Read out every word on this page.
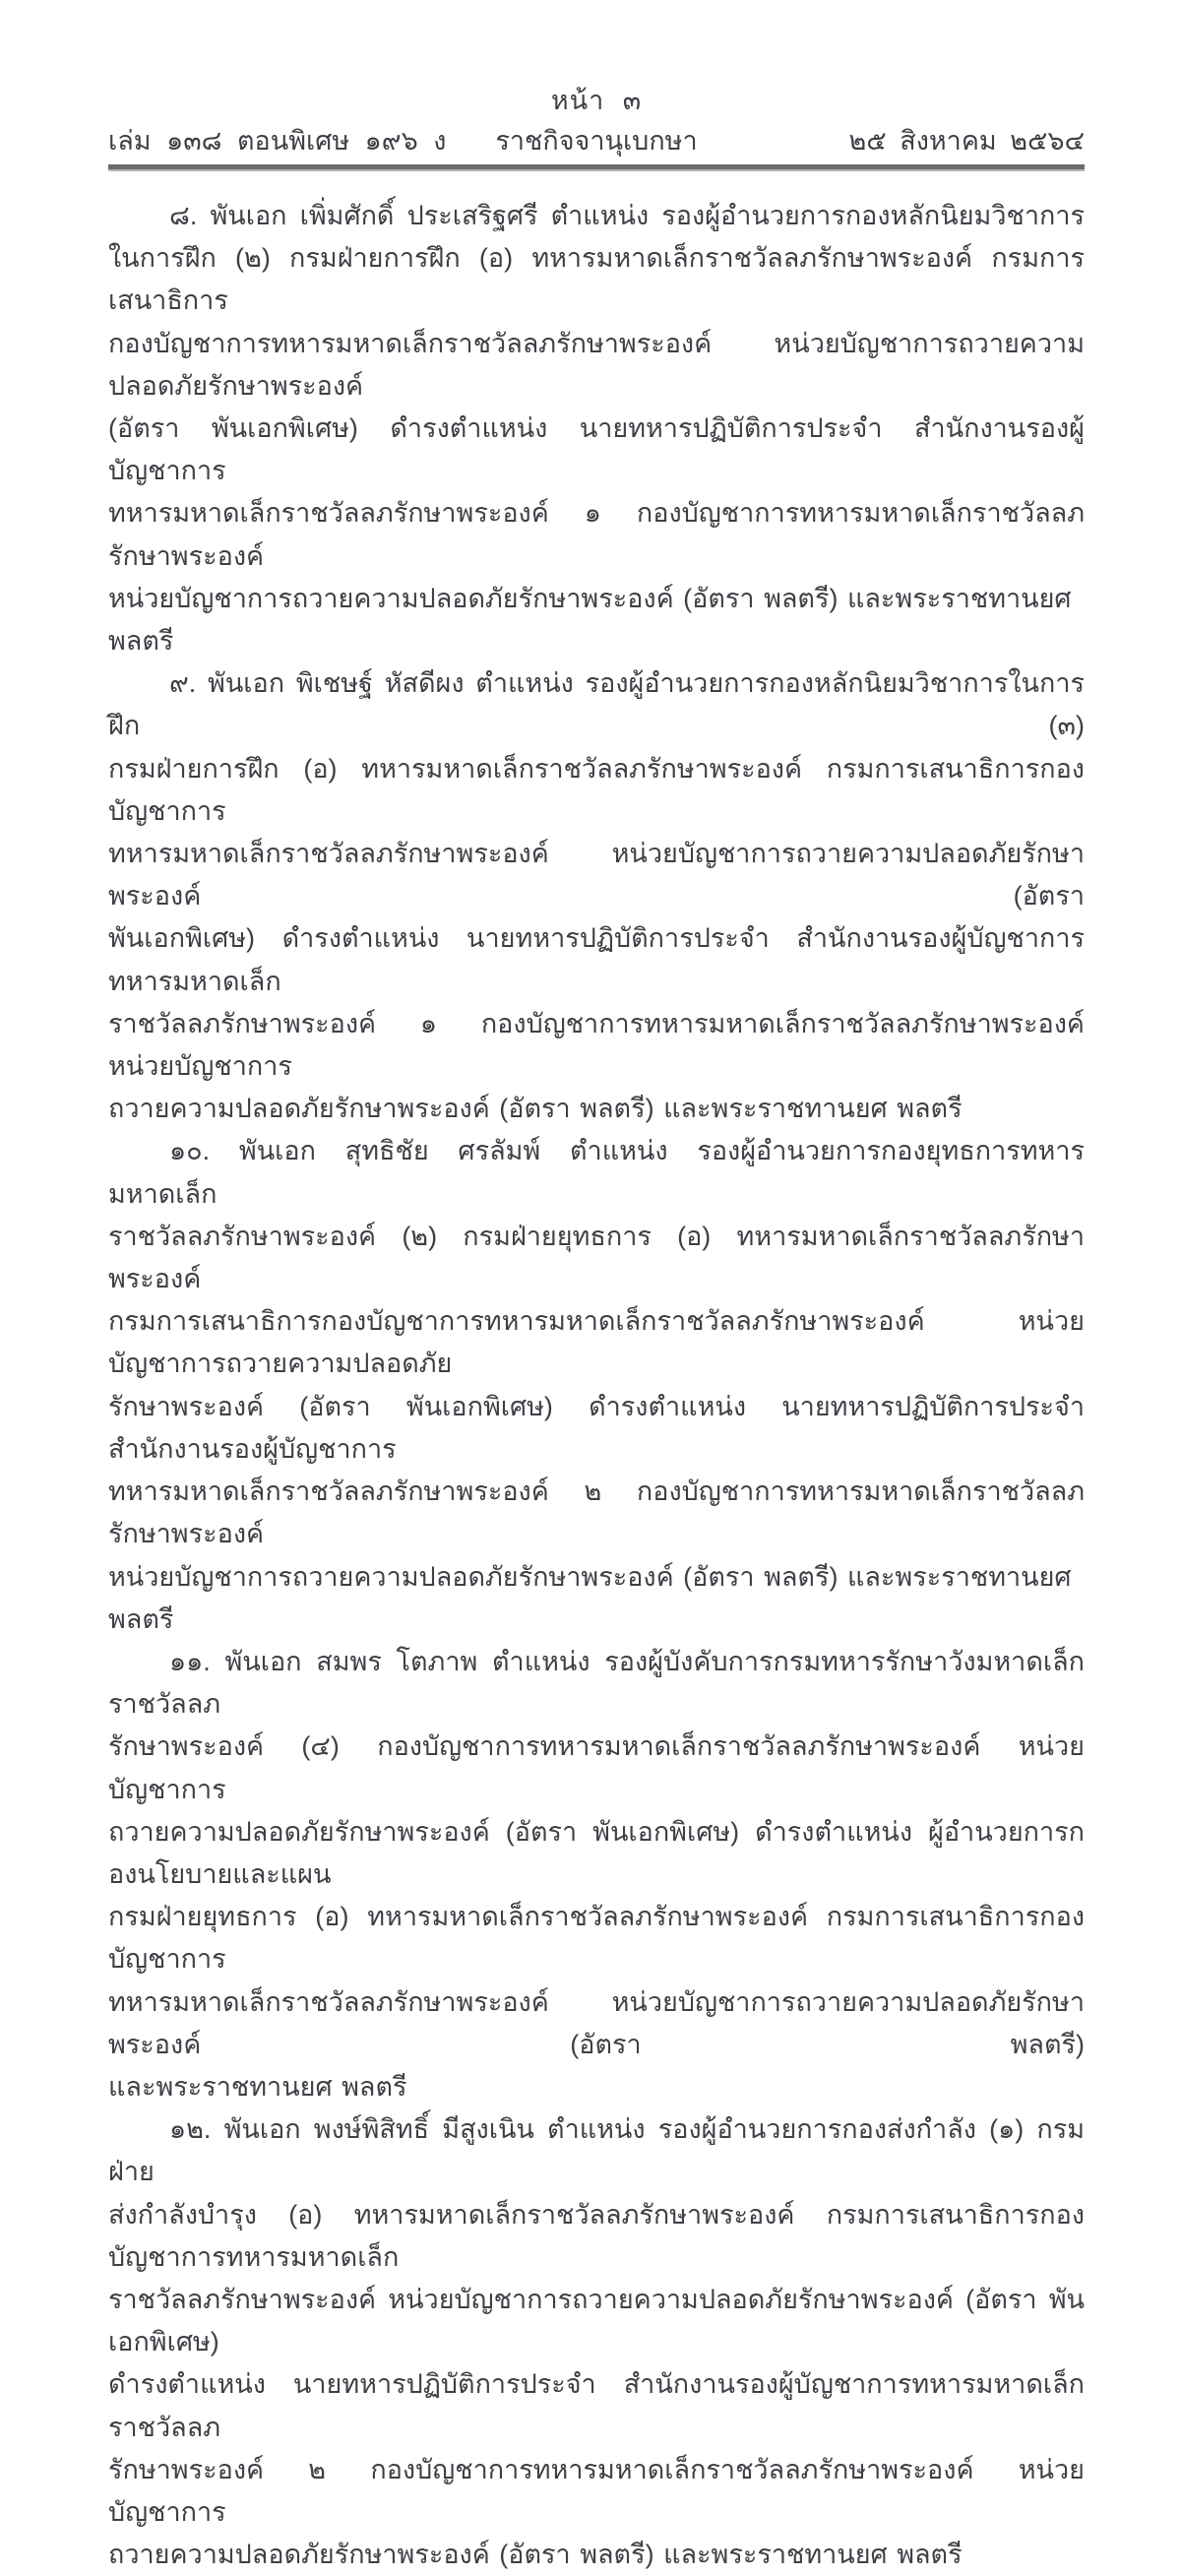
หน้า ๓
เล่ม ๑๓๘ ตอนพิเศษ ๑๙๖ ง	ราชกิจจานุเบกษา	๒๕ สิงหาคม ๒๕๖๔
๘. พันเอก เพิ่มศักดิ์ ประเสริฐศรี ตำแหน่ง รองผู้อำนวยการกองหลักนิยมวิชาการ
ในการฝึก (๒) กรมฝ่ายการฝึก (อ) ทหารมหาดเล็กราชวัลลภรักษาพระองค์ กรมการเสนาธิการ
กองบัญชาการทหารมหาดเล็กราชวัลลภรักษาพระองค์ หน่วยบัญชาการถวายความปลอดภัยรักษาพระองค์
(อัตรา พันเอกพิเศษ) ดำรงตำแหน่ง นายทหารปฏิบัติการประจำ สำนักงานรองผู้บัญชาการ
ทหารมหาดเล็กราชวัลลภรักษาพระองค์ ๑ กองบัญชาการทหารมหาดเล็กราชวัลลภรักษาพระองค์
หน่วยบัญชาการถวายความปลอดภัยรักษาพระองค์ (อัตรา พลตรี) และพระราชทานยศ พลตรี
๙. พันเอก พิเชษฐ์ หัสดีผง ตำแหน่ง รองผู้อำนวยการกองหลักนิยมวิชาการในการฝึก (๓)
กรมฝ่ายการฝึก (อ) ทหารมหาดเล็กราชวัลลภรักษาพระองค์ กรมการเสนาธิการกองบัญชาการ
ทหารมหาดเล็กราชวัลลภรักษาพระองค์ หน่วยบัญชาการถวายความปลอดภัยรักษาพระองค์ (อัตรา
พันเอกพิเศษ) ดำรงตำแหน่ง นายทหารปฏิบัติการประจำ สำนักงานรองผู้บัญชาการทหารมหาดเล็ก
ราชวัลลภรักษาพระองค์ ๑ กองบัญชาการทหารมหาดเล็กราชวัลลภรักษาพระองค์ หน่วยบัญชาการ
ถวายความปลอดภัยรักษาพระองค์ (อัตรา พลตรี) และพระราชทานยศ พลตรี
๑๐. พันเอก สุทธิชัย ศรลัมพ์ ตำแหน่ง รองผู้อำนวยการกองยุทธการทหารมหาดเล็ก
ราชวัลลภรักษาพระองค์ (๒) กรมฝ่ายยุทธการ (อ) ทหารมหาดเล็กราชวัลลภรักษาพระองค์
กรมการเสนาธิการกองบัญชาการทหารมหาดเล็กราชวัลลภรักษาพระองค์ หน่วยบัญชาการถวายความปลอดภัย
รักษาพระองค์ (อัตรา พันเอกพิเศษ) ดำรงตำแหน่ง นายทหารปฏิบัติการประจำ สำนักงานรองผู้บัญชาการ
ทหารมหาดเล็กราชวัลลภรักษาพระองค์ ๒ กองบัญชาการทหารมหาดเล็กราชวัลลภรักษาพระองค์
หน่วยบัญชาการถวายความปลอดภัยรักษาพระองค์ (อัตรา พลตรี) และพระราชทานยศ พลตรี
๑๑. พันเอก สมพร โตภาพ ตำแหน่ง รองผู้บังคับการกรมทหารรักษาวังมหาดเล็กราชวัลลภ
รักษาพระองค์ (๔) กองบัญชาการทหารมหาดเล็กราชวัลลภรักษาพระองค์ หน่วยบัญชาการ
ถวายความปลอดภัยรักษาพระองค์ (อัตรา พันเอกพิเศษ) ดำรงตำแหน่ง ผู้อำนวยการกองนโยบายและแผน
กรมฝ่ายยุทธการ (อ) ทหารมหาดเล็กราชวัลลภรักษาพระองค์ กรมการเสนาธิการกองบัญชาการ
ทหารมหาดเล็กราชวัลลภรักษาพระองค์ หน่วยบัญชาการถวายความปลอดภัยรักษาพระองค์ (อัตรา พลตรี)
และพระราชทานยศ พลตรี
๑๒. พันเอก พงษ์พิสิทธิ์ มีสูงเนิน ตำแหน่ง รองผู้อำนวยการกองส่งกำลัง (๑) กรมฝ่าย
ส่งกำลังบำรุง (อ) ทหารมหาดเล็กราชวัลลภรักษาพระองค์ กรมการเสนาธิการกองบัญชาการทหารมหาดเล็ก
ราชวัลลภรักษาพระองค์ หน่วยบัญชาการถวายความปลอดภัยรักษาพระองค์ (อัตรา พันเอกพิเศษ)
ดำรงตำแหน่ง นายทหารปฏิบัติการประจำ สำนักงานรองผู้บัญชาการทหารมหาดเล็กราชวัลลภ
รักษาพระองค์ ๒ กองบัญชาการทหารมหาดเล็กราชวัลลภรักษาพระองค์ หน่วยบัญชาการ
ถวายความปลอดภัยรักษาพระองค์ (อัตรา พลตรี) และพระราชทานยศ พลตรี
